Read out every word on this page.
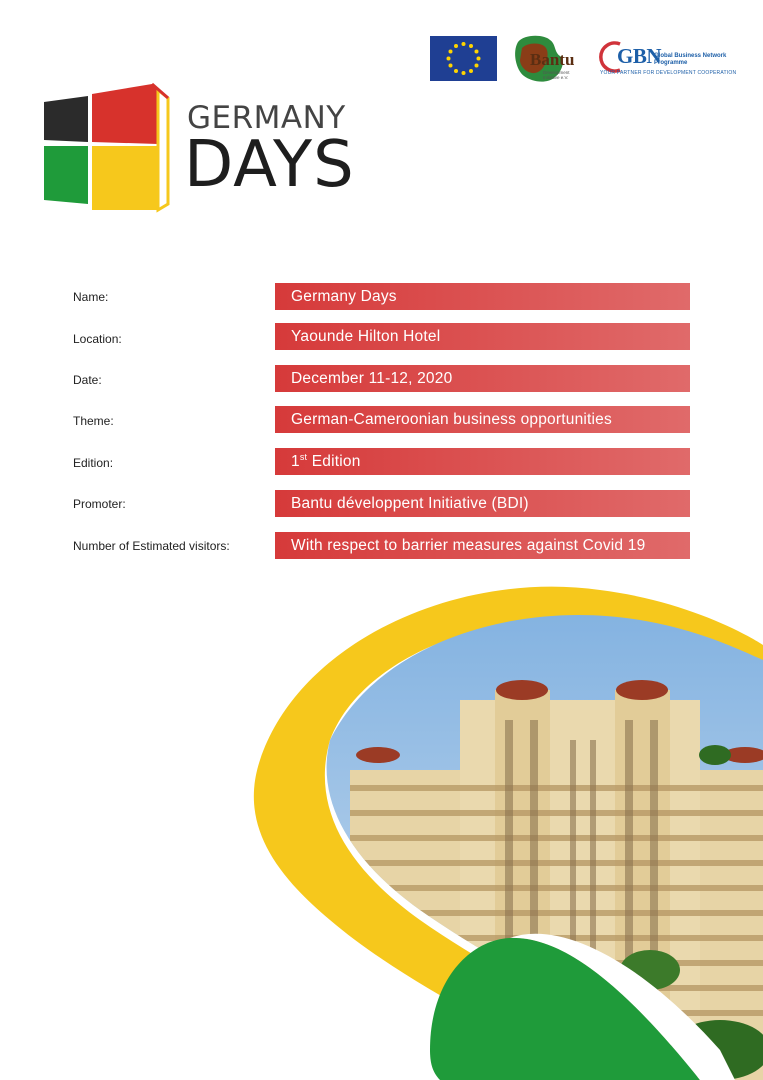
Bantu
Development Initiative e.V.
GBN
Global Business Network Programme
YOUR PARTNER FOR DEVELOPMENT COOPERATION
GERMANY
DAYS
Name:	Germany Days
Location:	Yaounde Hilton Hotel
Date:	December 11-12, 2020
Theme:	German-Cameroonian business opportunities
Edition:	1st Edition
Promoter:	Bantu développent Initiative (BDI)
Number of Estimated visitors:	With respect to barrier measures against Covid 19
